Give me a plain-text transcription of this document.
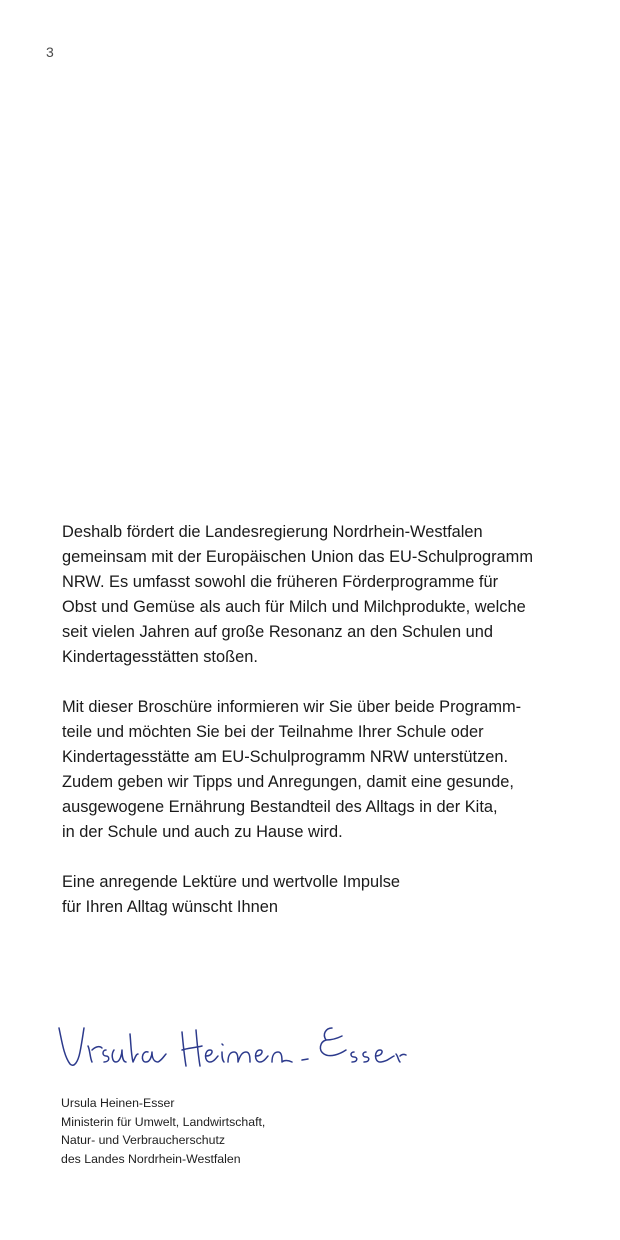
3

Deshalb fördert die Landesregierung Nordrhein-Westfalen
gemeinsam mit der Europäischen Union das EU-Schulprogramm
NRW. Es umfasst sowohl die früheren Förderprogramme für
Obst und Gemüse als auch für Milch und Milchprodukte, welche
seit vielen Jahren auf große Resonanz an den Schulen und
Kindertagesstätten stoßen.

Mit dieser Broschüre informieren wir Sie über beide Programm-
teile und möchten Sie bei der Teilnahme Ihrer Schule oder
Kindertagesstätte am EU-Schulprogramm NRW unterstützen.
Zudem geben wir Tipps und Anregungen, damit eine gesunde,
ausgewogene Ernährung Bestandteil des Alltags in der Kita,
in der Schule und auch zu Hause wird.

Eine anregende Lektüre und wertvolle Impulse
für Ihren Alltag wünscht Ihnen

Ursula Heinen-Esser
Ministerin für Umwelt, Landwirtschaft,
Natur- und Verbraucherschutz
des Landes Nordrhein-Westfalen
